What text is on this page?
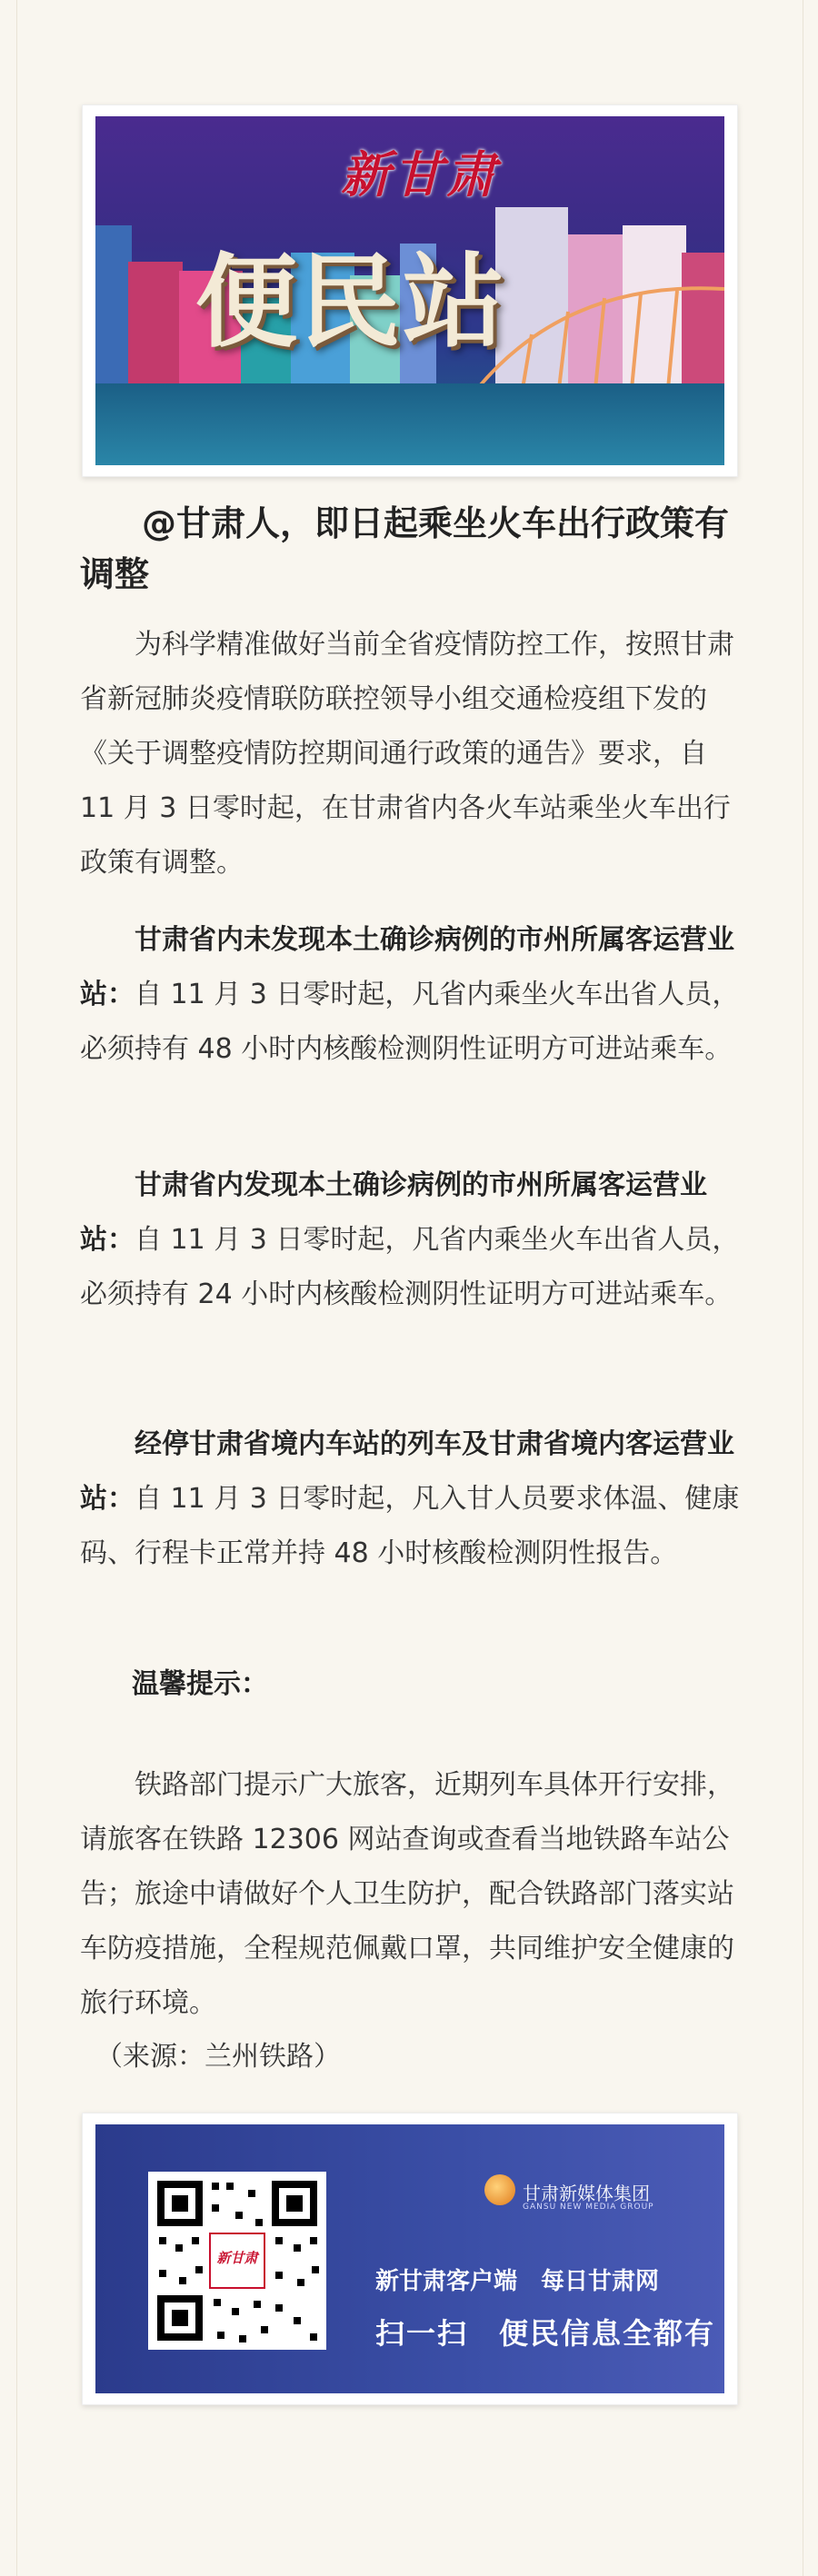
新甘肃
便民站
@甘肃人，即日起乘坐火车出行政策有调整
为科学精准做好当前全省疫情防控工作，按照甘肃省新冠肺炎疫情联防联控领导小组交通检疫组下发的《关于调整疫情防控期间通行政策的通告》要求，自 11 月 3 日零时起，在甘肃省内各火车站乘坐火车出行政策有调整。
甘肃省内未发现本土确诊病例的市州所属客运营业站：自 11 月 3 日零时起，凡省内乘坐火车出省人员，必须持有 48 小时内核酸检测阴性证明方可进站乘车。
甘肃省内发现本土确诊病例的市州所属客运营业站：自 11 月 3 日零时起，凡省内乘坐火车出省人员，必须持有 24 小时内核酸检测阴性证明方可进站乘车。
经停甘肃省境内车站的列车及甘肃省境内客运营业站：自 11 月 3 日零时起，凡入甘人员要求体温、健康码、行程卡正常并持 48 小时核酸检测阴性报告。
温馨提示：
铁路部门提示广大旅客，近期列车具体开行安排，请旅客在铁路 12306 网站查询或查看当地铁路车站公告；旅途中请做好个人卫生防护，配合铁路部门落实站车防疫措施，全程规范佩戴口罩，共同维护安全健康的旅行环境。
（来源：兰州铁路）
新甘肃
甘肃新媒体集团
GANSU NEW MEDIA GROUP
新甘肃客户端　每日甘肃网
扫一扫　便民信息全都有
